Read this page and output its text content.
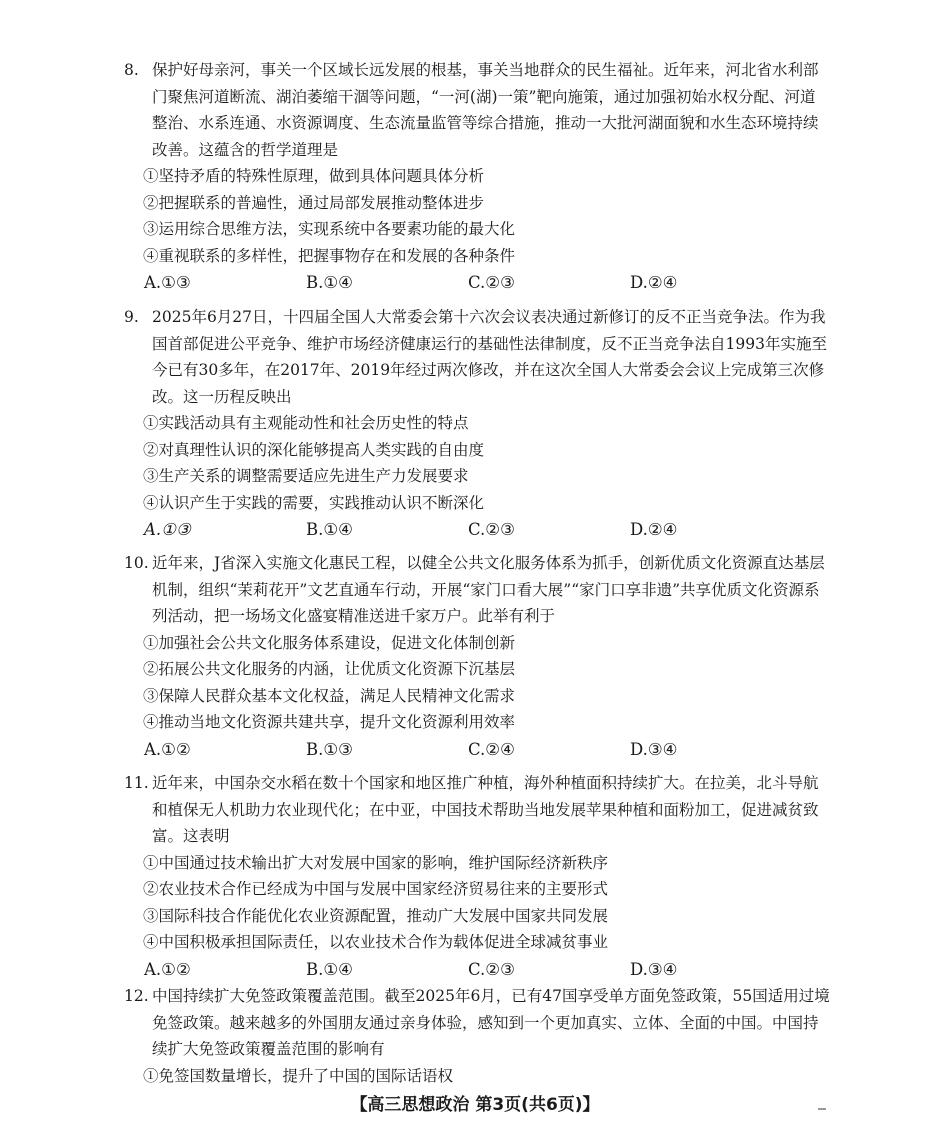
8. 保护好母亲河，事关一个区域长远发展的根基，事关当地群众的民生福祉。近年来，河北省水利部门聚焦河道断流、湖泊萎缩干涸等问题，“一河(湖)一策”靶向施策，通过加强初始水权分配、河道整治、水系连通、水资源调度、生态流量监管等综合措施，推动一大批河湖面貌和水生态环境持续改善。这蕴含的哲学道理是

①坚持矛盾的特殊性原理，做到具体问题具体分析

②把握联系的普遍性，通过局部发展推动整体进步

③运用综合思维方法，实现系统中各要素功能的最大化

④重视联系的多样性，把握事物存在和发展的各种条件

A.①③	B.①④	C.②③	D.②④

9. 2025年6月27日，十四届全国人大常委会第十六次会议表决通过新修订的反不正当竞争法。作为我国首部促进公平竞争、维护市场经济健康运行的基础性法律制度，反不正当竞争法自1993年实施至今已有30多年，在2017年、2019年经过两次修改，并在这次全国人大常委会会议上完成第三次修改。这一历程反映出

①实践活动具有主观能动性和社会历史性的特点

②对真理性认识的深化能够提高人类实践的自由度

③生产关系的调整需要适应先进生产力发展要求

④认识产生于实践的需要，实践推动认识不断深化

A.①③	B.①④	C.②③	D.②④

10. 近年来，J省深入实施文化惠民工程，以健全公共文化服务体系为抓手，创新优质文化资源直达基层机制，组织“茉莉花开”文艺直通车行动，开展“家门口看大展”“家门口享非遗”共享优质文化资源系列活动，把一场场文化盛宴精准送进千家万户。此举有利于

①加强社会公共文化服务体系建设，促进文化体制创新

②拓展公共文化服务的内涵，让优质文化资源下沉基层

③保障人民群众基本文化权益，满足人民精神文化需求

④推动当地文化资源共建共享，提升文化资源利用效率

A.①②	B.①③	C.②④	D.③④

11. 近年来，中国杂交水稻在数十个国家和地区推广种植，海外种植面积持续扩大。在拉美，北斗导航和植保无人机助力农业现代化；在中亚，中国技术帮助当地发展苹果种植和面粉加工，促进减贫致富。这表明

①中国通过技术输出扩大对发展中国家的影响，维护国际经济新秩序

②农业技术合作已经成为中国与发展中国家经济贸易往来的主要形式

③国际科技合作能优化农业资源配置，推动广大发展中国家共同发展

④中国积极承担国际责任，以农业技术合作为载体促进全球减贫事业

A.①②	B.①④	C.②③	D.③④

12. 中国持续扩大免签政策覆盖范围。截至2025年6月，已有47国享受单方面免签政策，55国适用过境免签政策。越来越多的外国朋友通过亲身体验，感知到一个更加真实、立体、全面的中国。中国持续扩大免签政策覆盖范围的影响有

①免签国数量增长，提升了中国的国际话语权

【高三思想政治 第3页(共6页)】
